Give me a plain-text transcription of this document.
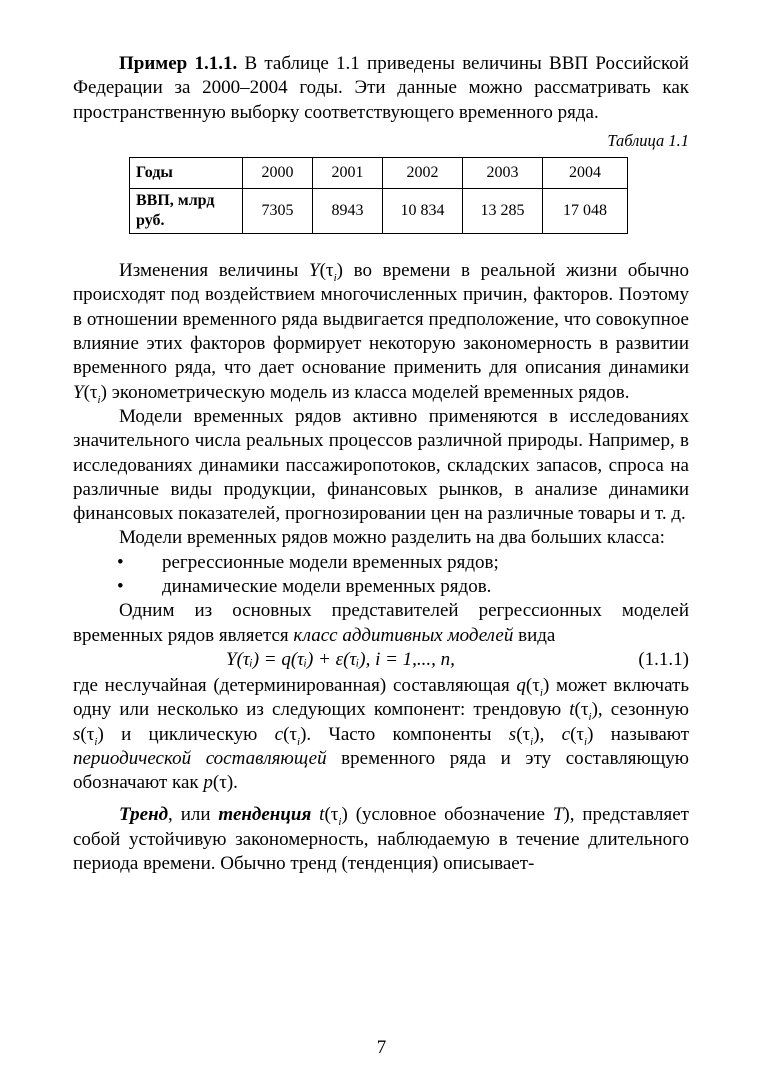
Пример 1.1.1. В таблице 1.1 приведены величины ВВП Российской Федерации за 2000–2004 годы. Эти данные можно рассматривать как пространственную выборку соответствующего временного ряда.

Таблица 1.1
Годы	2000	2001	2002	2003	2004
ВВП, млрд руб.	7305	8943	10 834	13 285	17 048

Изменения величины $Y(\tau_i)$ во времени в реальной жизни обычно происходят под воздействием многочисленных причин, факторов. Поэтому в отношении временного ряда выдвигается предположение, что совокупное влияние этих факторов формирует некоторую закономерность в развитии временного ряда, что дает основание применить для описания динамики $Y(\tau_i)$ эконометрическую модель из класса моделей временных рядов.

Модели временных рядов активно применяются в исследованиях значительного числа реальных процессов различной природы. Например, в исследованиях динамики пассажиропотоков, складских запасов, спроса на различные виды продукции, финансовых рынков, в анализе динамики финансовых показателей, прогнозировании цен на различные товары и т. д.

Модели временных рядов можно разделить на два больших класса:

• регрессионные модели временных рядов;
• динамические модели временных рядов.

Одним из основных представителей регрессионных моделей временных рядов является класс аддитивных моделей вида

Y(τᵢ) = q(τᵢ) + ε(τᵢ), i = 1,..., n,	(1.1.1)

где неслучайная (детерминированная) составляющая $q(\tau_i)$ может включать одну или несколько из следующих компонент: трендовую $t(\tau_i)$, сезонную $s(\tau_i)$ и циклическую $c(\tau_i)$. Часто компоненты $s(\tau_i)$, $c(\tau_i)$ называют периодической составляющей временного ряда и эту составляющую обозначают как p(τ).

Тренд, или тенденция $t(\tau_i)$ (условное обозначение T), представляет собой устойчивую закономерность, наблюдаемую в течение длительного периода времени. Обычно тренд (тенденция) описывает-

7
